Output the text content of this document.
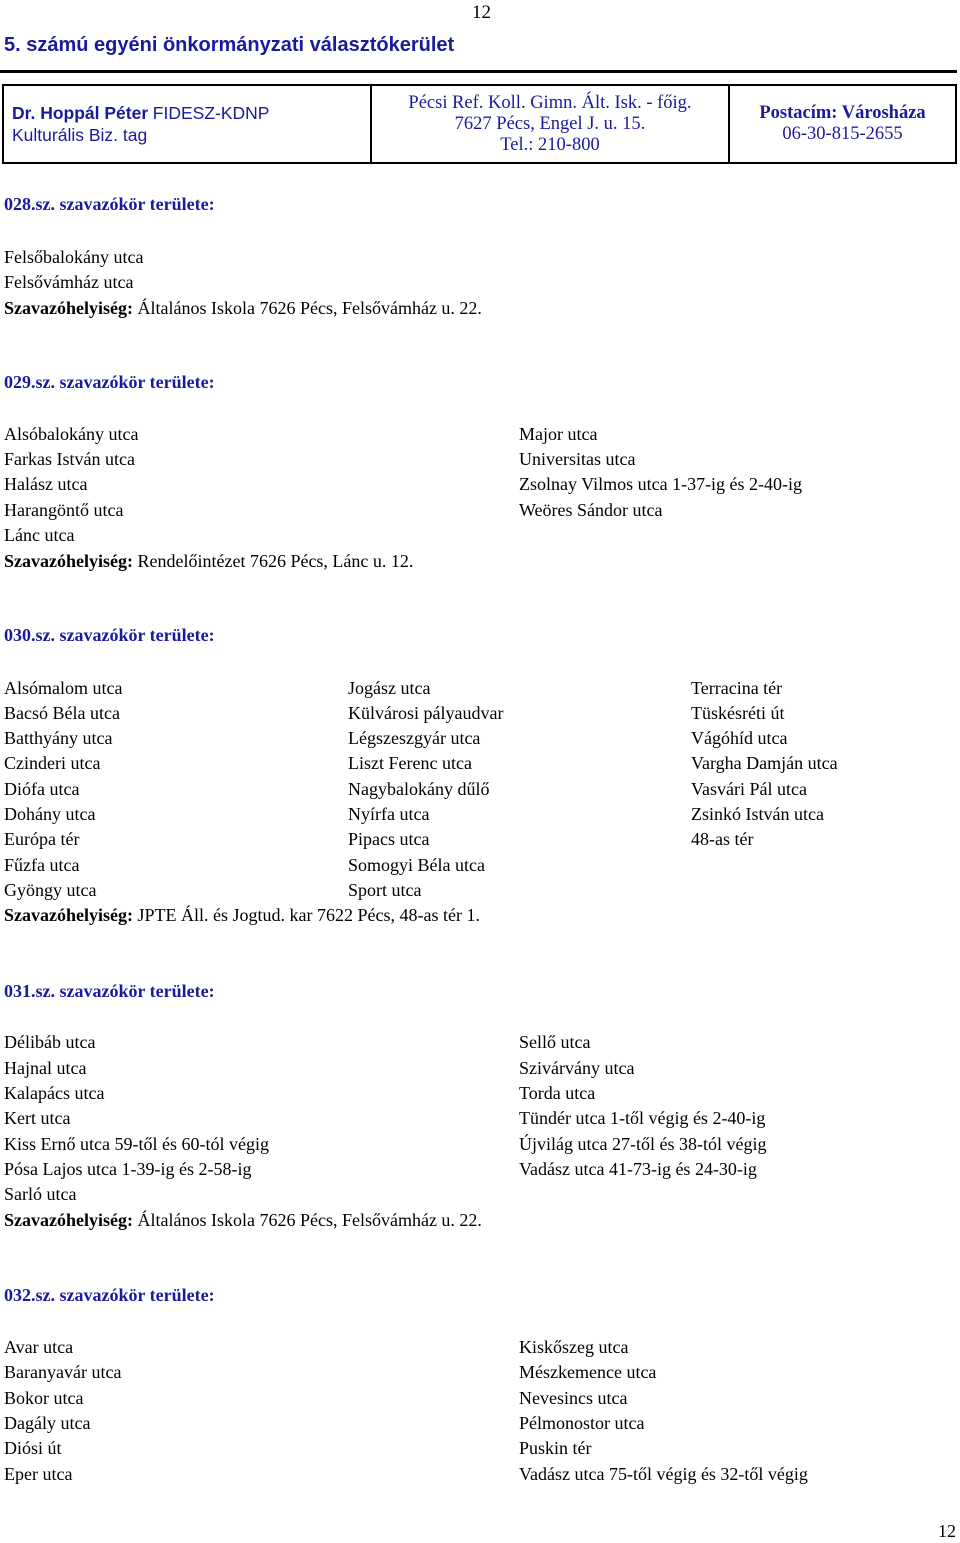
12
5. számú egyéni önkormányzati választókerület
Dr. Hoppál Péter FIDESZ-KDNP
Kulturális Biz. tag

Pécsi Ref. Koll. Gimn. Ált. Isk. - főig.
7627 Pécs, Engel J. u. 15.
Tel.: 210-800

Postacím: Városháza
06-30-815-2655
028.sz. szavazókör területe:
Felsőbalokány utca
Felsővámház utca
Szavazóhelyiség: Általános Iskola 7626 Pécs, Felsővámház u. 22.
029.sz. szavazókör területe:
Alsóbalokány utca
Farkas István utca
Halász utca
Harangöntő utca
Lánc utca
Major utca
Universitas utca
Zsolnay Vilmos utca 1-37-ig és 2-40-ig
Weöres Sándor utca
Szavazóhelyiség: Rendelőintézet 7626 Pécs, Lánc u. 12.
030.sz. szavazókör területe:
Alsómalom utca
Bacsó Béla utca
Batthyány utca
Czinderi utca
Diófa utca
Dohány utca
Európa tér
Fűzfa utca
Gyöngy utca
Jogász utca
Külvárosi pályaudvar
Légszeszgyár utca
Liszt Ferenc utca
Nagybalokány dűlő
Nyírfa utca
Pipacs utca
Somogyi Béla utca
Sport utca
Terracina tér
Tüskésréti út
Vágóhíd utca
Vargha Damján utca
Vasvári Pál utca
Zsinkó István utca
48-as tér
Szavazóhelyiség: JPTE Áll. és Jogtud. kar 7622 Pécs, 48-as tér 1.
031.sz. szavazókör területe:
Délibáb utca
Hajnal utca
Kalapács utca
Kert utca
Kiss Ernő utca 59-től és 60-tól végig
Pósa Lajos utca 1-39-ig és 2-58-ig
Sarló utca
Sellő utca
Szivárvány utca
Torda utca
Tündér utca 1-től végig és 2-40-ig
Újvilág utca 27-től és 38-tól végig
Vadász utca 41-73-ig és 24-30-ig
Szavazóhelyiség: Általános Iskola 7626 Pécs, Felsővámház u. 22.
032.sz. szavazókör területe:
Avar utca
Baranyavár utca
Bokor utca
Dagály utca
Diósi út
Eper utca
Kiskőszeg utca
Mészkemence utca
Nevesincs utca
Pélmonostor utca
Puskin tér
Vadász utca 75-től végig és 32-től végig
12
